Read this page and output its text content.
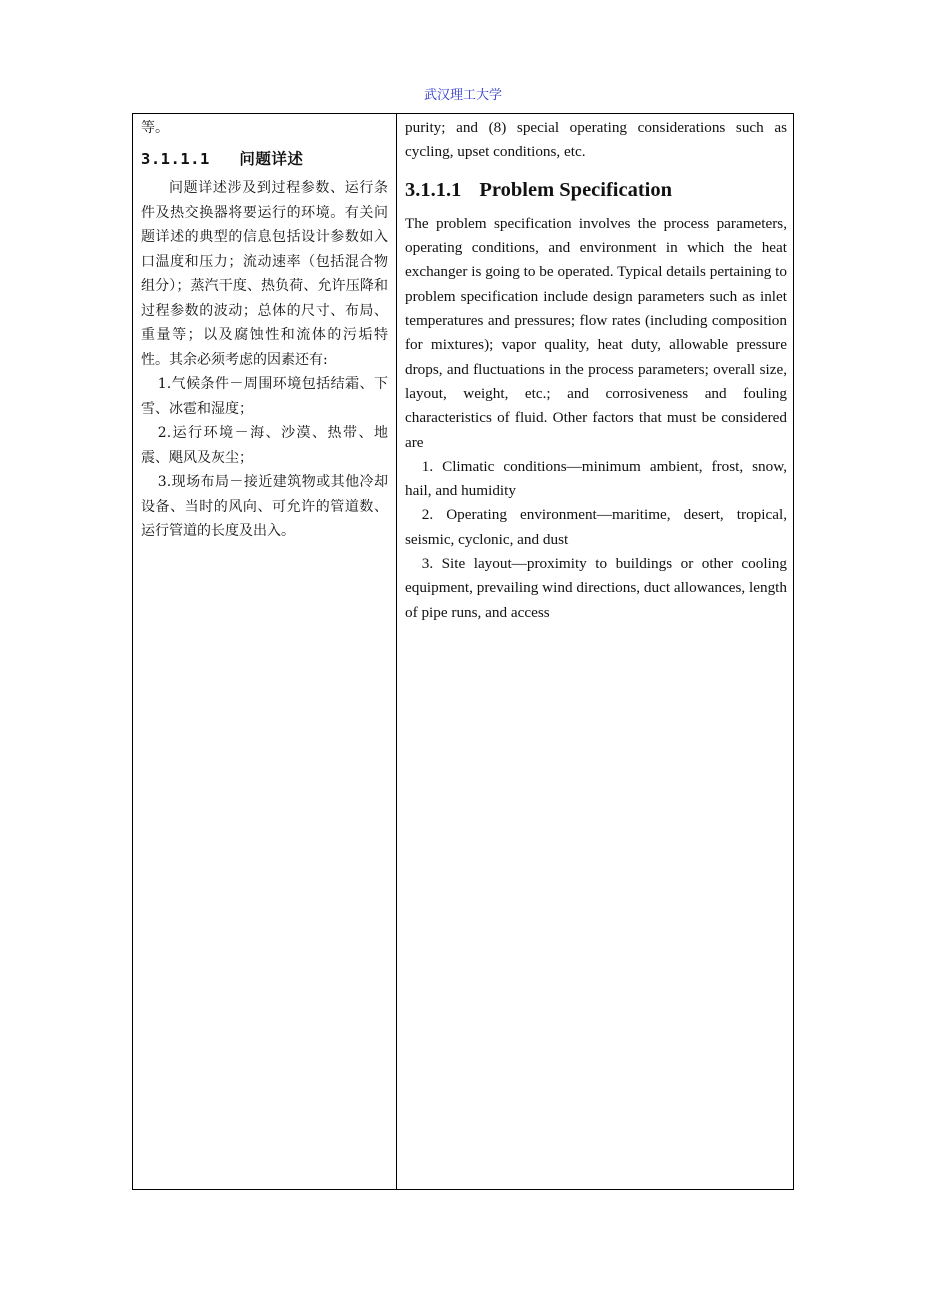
武汉理工大学

等。

3.1.1.1 问题详述

问题详述涉及到过程参数、运行条件及热交换器将要运行的环境。有关问题详述的典型的信息包括设计参数如入口温度和压力；流动速率（包括混合物组分）；蒸汽干度、热负荷、允许压降和过程参数的波动；总体的尺寸、布局、重量等；以及腐蚀性和流体的污垢特性。其余必须考虑的因素还有:

1.气候条件－周围环境包括结霜、下雪、冰雹和湿度；

2.运行环境－海、沙漠、热带、地震、飓风及灰尘；

3.现场布局－接近建筑物或其他冷却设备、当时的风向、可允许的管道数、运行管道的长度及出入。

purity; and (8) special operating considerations such as cycling, upset conditions, etc.

3.1.1.1 Problem Specification

The problem specification involves the process parameters, operating conditions, and environment in which the heat exchanger is going to be operated. Typical details pertaining to problem specification include design parameters such as inlet temperatures and pressures; flow rates (including composition for mixtures); vapor quality, heat duty, allowable pressure drops, and fluctuations in the process parameters; overall size, layout, weight, etc.; and corrosiveness and fouling characteristics of fluid. Other factors that must be considered are

1. Climatic conditions—minimum ambient, frost, snow, hail, and humidity

2. Operating environment—maritime, desert, tropical, seismic, cyclonic, and dust

3. Site layout—proximity to buildings or other cooling equipment, prevailing wind directions, duct allowances, length of pipe runs, and access
